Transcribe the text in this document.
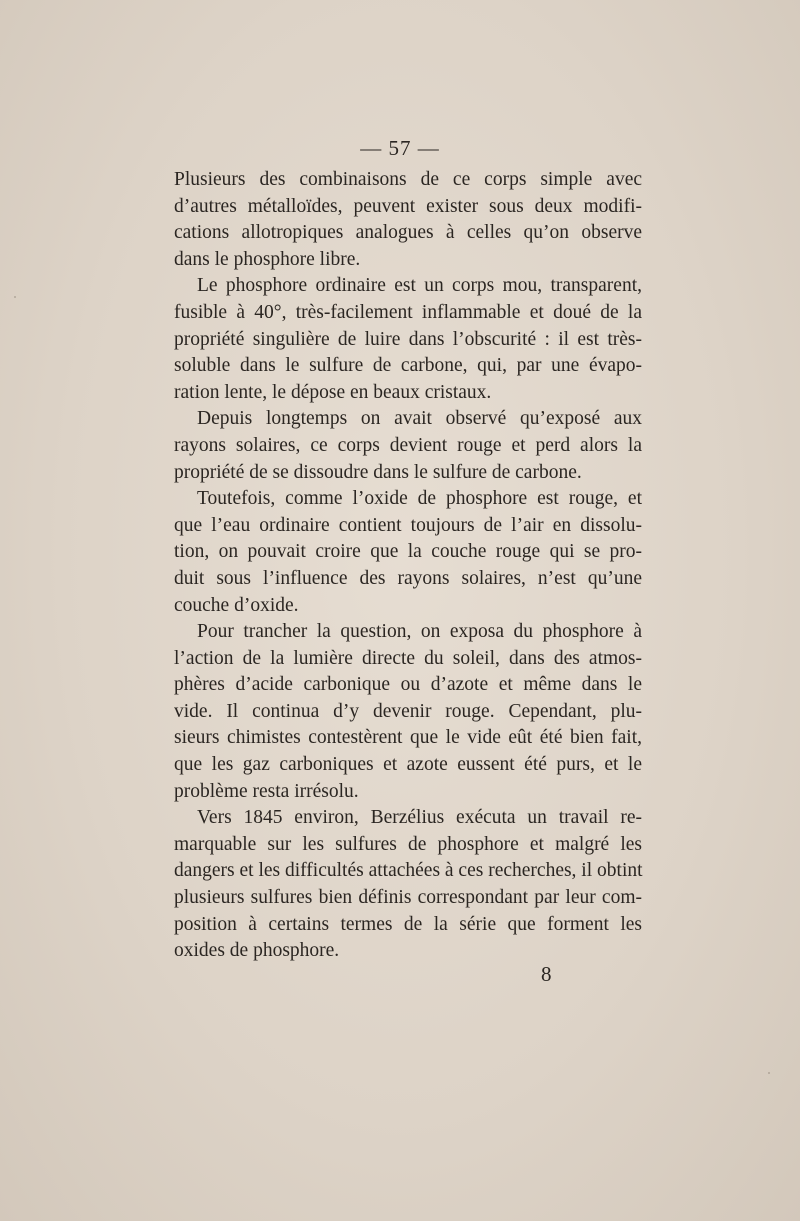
— 57 —

Plusieurs des combinaisons de ce corps simple avec
d’autres métalloïdes, peuvent exister sous deux modifi-
cations allotropiques analogues à celles qu’on observe
dans le phosphore libre.

Le phosphore ordinaire est un corps mou, transparent,
fusible à 40°, très-facilement inflammable et doué de la
propriété singulière de luire dans l’obscurité : il est très-
soluble dans le sulfure de carbone, qui, par une évapo-
ration lente, le dépose en beaux cristaux.

Depuis longtemps on avait observé qu’exposé aux
rayons solaires, ce corps devient rouge et perd alors la
propriété de se dissoudre dans le sulfure de carbone.

Toutefois, comme l’oxide de phosphore est rouge, et
que l’eau ordinaire contient toujours de l’air en dissolu-
tion, on pouvait croire que la couche rouge qui se pro-
duit sous l’influence des rayons solaires, n’est qu’une
couche d’oxide.

Pour trancher la question, on exposa du phosphore à
l’action de la lumière directe du soleil, dans des atmos-
phères d’acide carbonique ou d’azote et même dans le
vide. Il continua d’y devenir rouge. Cependant, plu-
sieurs chimistes contestèrent que le vide eût été bien fait,
que les gaz carboniques et azote eussent été purs, et le
problème resta irrésolu.

Vers 1845 environ, Berzélius exécuta un travail re-
marquable sur les sulfures de phosphore et malgré les
dangers et les difficultés attachées à ces recherches, il obtint
plusieurs sulfures bien définis correspondant par leur com-
position à certains termes de la série que forment les
oxides de phosphore.

8
